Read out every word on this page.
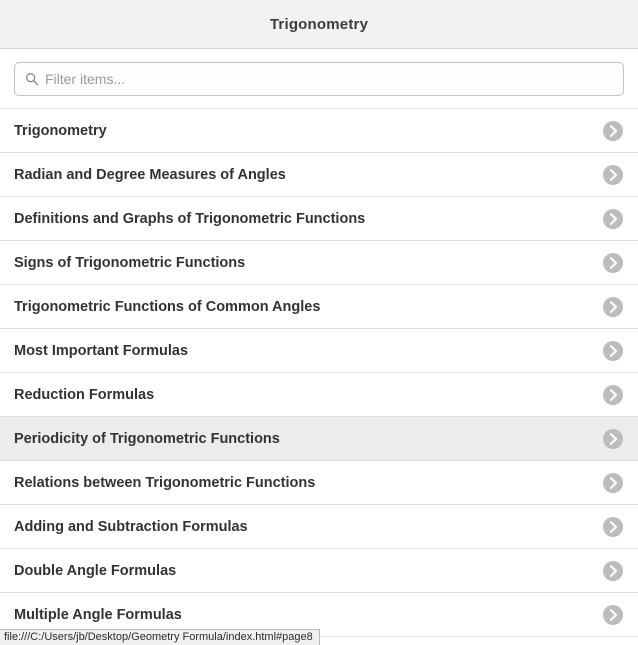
Trigonometry
Filter items...
Trigonometry
Radian and Degree Measures of Angles
Definitions and Graphs of Trigonometric Functions
Signs of Trigonometric Functions
Trigonometric Functions of Common Angles
Most Important Formulas
Reduction Formulas
Periodicity of Trigonometric Functions
Relations between Trigonometric Functions
Adding and Subtraction Formulas
Double Angle Formulas
Multiple Angle Formulas
file:///C:/Users/jb/Desktop/Geometry Formula/index.html#page8
